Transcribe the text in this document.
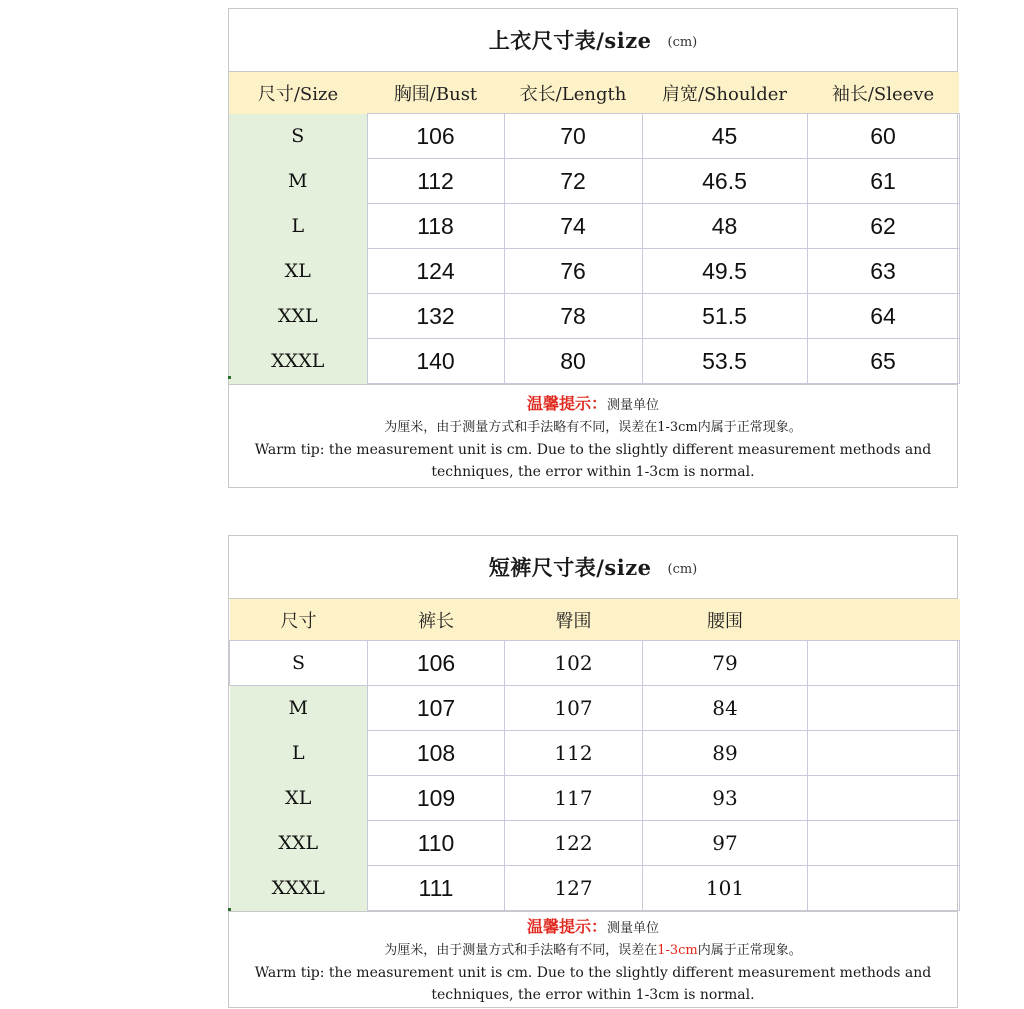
上衣尺寸表/size (cm)
尺寸/Size	胸围/Bust	衣长/Length	肩宽/Shoulder	袖长/Sleeve
S	106	70	45	60
M	112	72	46.5	61
L	118	74	48	62
XL	124	76	49.5	63
XXL	132	78	51.5	64
XXXL	140	80	53.5	65
温馨提示：测量单位
为厘米，由于测量方式和手法略有不同，误差在1-3cm内属于正常现象。
Warm tip: the measurement unit is cm. Due to the slightly different measurement methods and
techniques, the error within 1-3cm is normal.
短裤尺寸表/size (cm)
尺寸	裤长	臀围	腰围	
S	106	102	79	
M	107	107	84	
L	108	112	89	
XL	109	117	93	
XXL	110	122	97	
XXXL	111	127	101	
温馨提示：测量单位
为厘米，由于测量方式和手法略有不同，误差在1-3cm内属于正常现象。
Warm tip: the measurement unit is cm. Due to the slightly different measurement methods and
techniques, the error within 1-3cm is normal.
